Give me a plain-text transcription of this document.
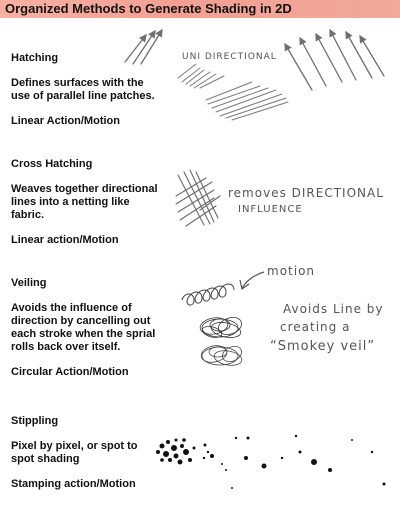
Organized Methods to Generate Shading in 2D
Hatching
Defines surfaces with the use of parallel line patches.
Linear Action/Motion
Cross Hatching
Weaves together directional lines into a netting like fabric.
Linear action/Motion
Veiling
Avoids the influence of direction by cancelling out each stroke when the sprial rolls back over itself.
Circular Action/Motion
Stippling
Pixel by pixel, or spot to spot shading
Stamping action/Motion
UNI DIRECTIONAL
removes DIRECTIONAL
INFLUENCE
motion
Avoids Line by
creating a
“Smokey veil”
